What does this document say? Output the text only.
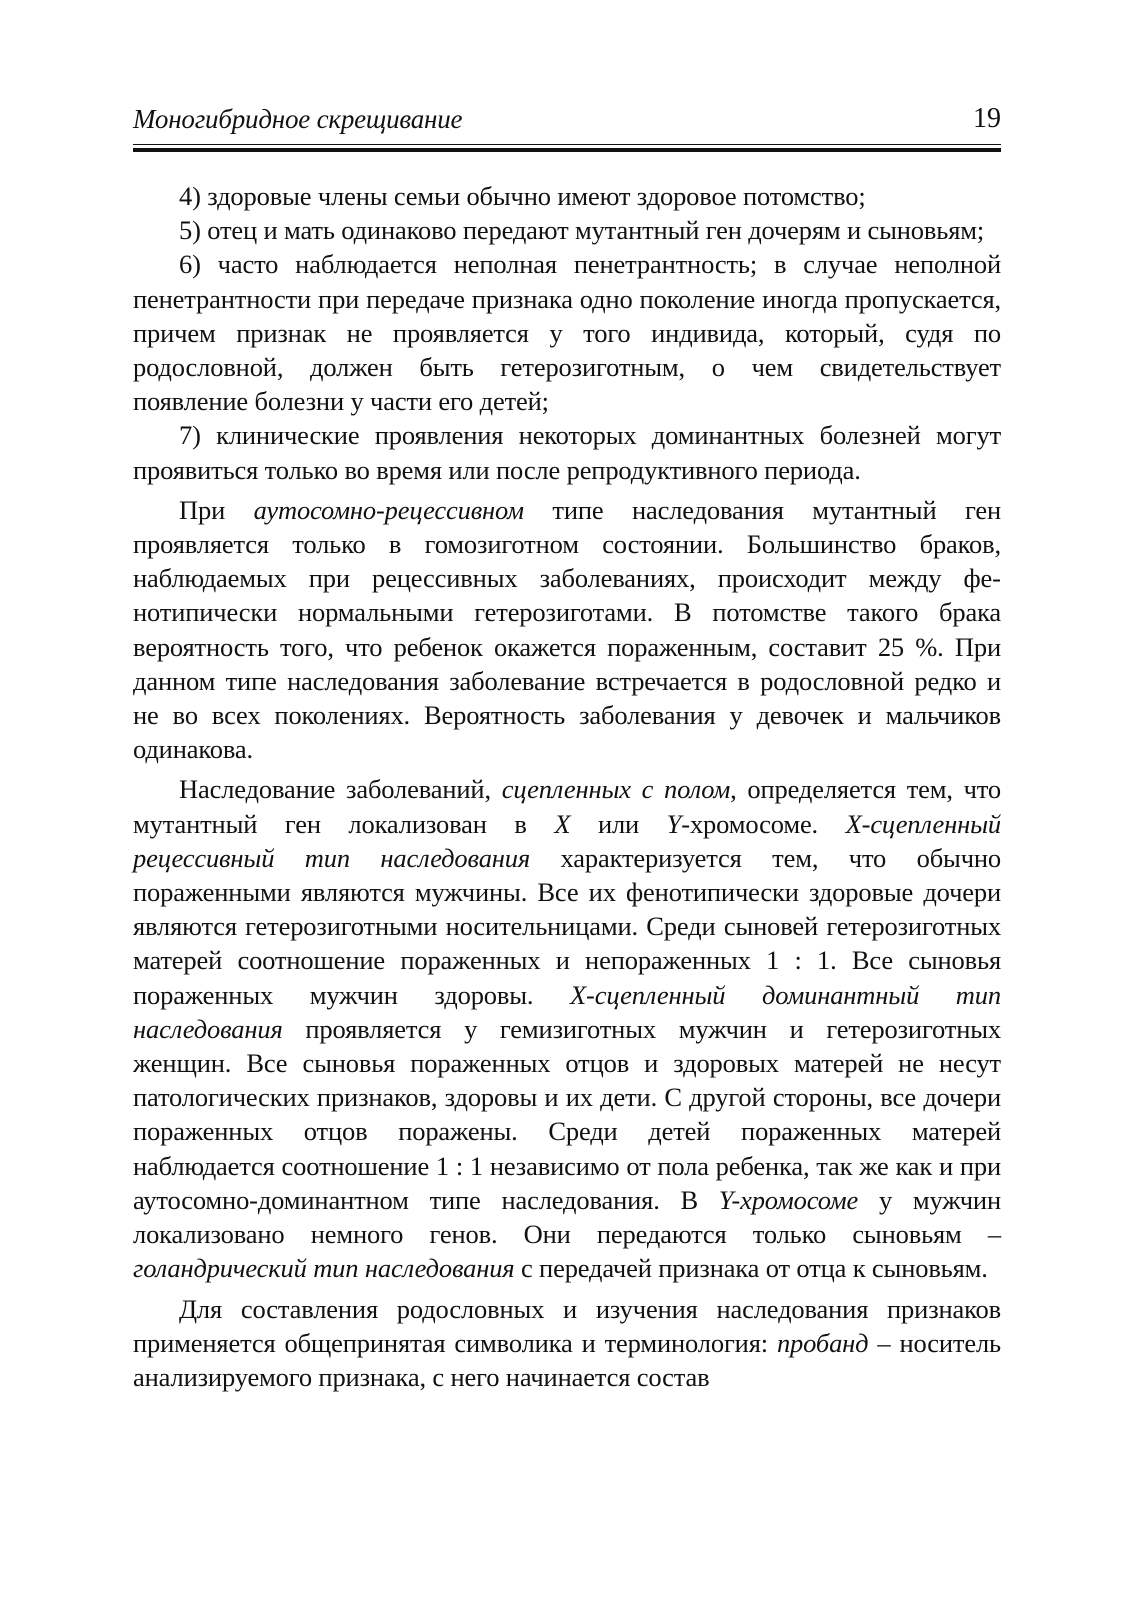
Моногибридное скрещивание	19

4) здоровые члены семьи обычно имеют здоровое потомство;

5) отец и мать одинаково передают мутантный ген дочерям и сыновьям;

6) часто наблюдается неполная пенетрантность; в случае неполной пенетрантности при передаче признака одно поколение иногда пропускается, причем признак не проявляется у того индивида, который, судя по родословной, должен быть гетерозиготным, о чем свидетельствует появление болезни у части его детей;

7) клинические проявления некоторых доминантных болезней могут проявиться только во время или после репродуктивного периода.

При аутосомно-рецессивном типе наследования мутантный ген проявляется только в гомозиготном состоянии. Большинство браков, наблюдаемых при рецессивных заболеваниях, происходит между фенотипически нормальными гетерозиготами. В потомстве такого брака вероятность того, что ребенок окажется пораженным, составит 25 %. При данном типе наследования заболевание встречается в родословной редко и не во всех поколениях. Вероятность заболевания у девочек и мальчиков одинакова.

Наследование заболеваний, сцепленных с полом, определяется тем, что мутантный ген локализован в X или Y-хромосоме. X-сцепленный рецессивный тип наследования характеризуется тем, что обычно пораженными являются мужчины. Все их фенотипически здоровые дочери являются гетерозиготными носительницами. Среди сыновей гетерозиготных матерей соотношение пораженных и непораженных 1 : 1. Все сыновья пораженных мужчин здоровы. X-сцепленный доминантный тип наследования проявляется у гемизиготных мужчин и гетерозиготных женщин. Все сыновья пораженных отцов и здоровых матерей не несут патологических признаков, здоровы и их дети. С другой стороны, все дочери пораженных отцов поражены. Среди детей пораженных матерей наблюдается соотношение 1 : 1 независимо от пола ребенка, так же как и при аутосомно-доминантном типе наследования. В Y-хромосоме у мужчин локализовано немного генов. Они передаются только сыновьям – голандрический тип наследования с передачей признака от отца к сыновьям.

Для составления родословных и изучения наследования признаков применяется общепринятая символика и терминология: пробанд – носитель анализируемого признака, с него начинается состав
